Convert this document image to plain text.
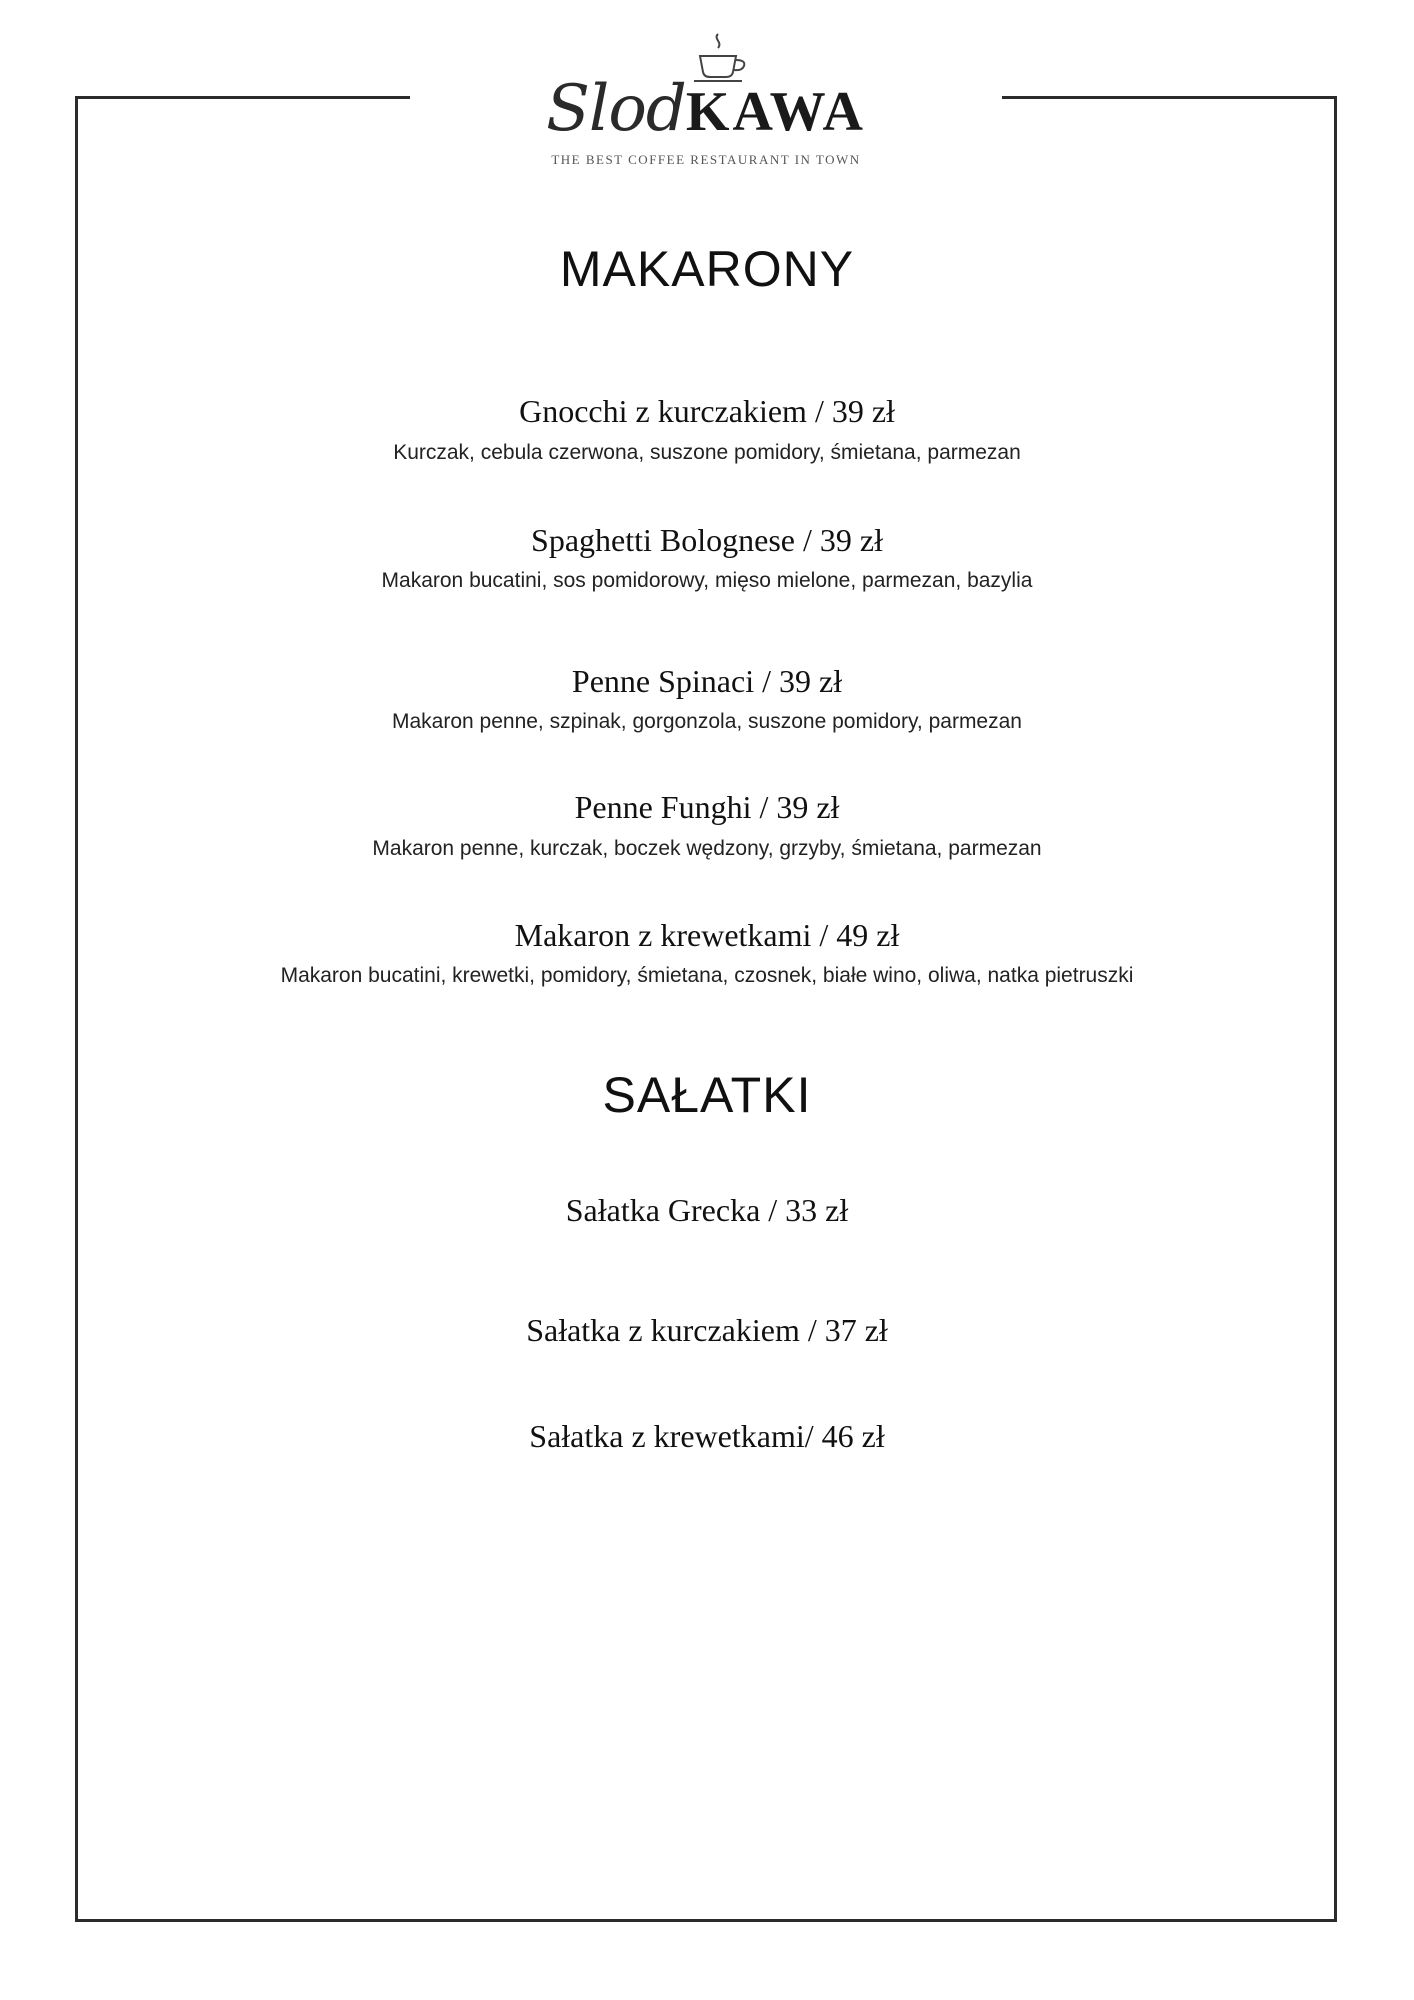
SlodKAWA
THE BEST COFFEE RESTAURANT IN TOWN
MAKARONY
Gnocchi z kurczakiem / 39 zł
Kurczak, cebula czerwona, suszone pomidory, śmietana, parmezan
Spaghetti Bolognese / 39 zł
Makaron bucatini, sos pomidorowy, mięso mielone, parmezan, bazylia
Penne Spinaci / 39 zł
Makaron penne, szpinak, gorgonzola, suszone pomidory, parmezan
Penne Funghi / 39 zł
Makaron penne, kurczak, boczek wędzony, grzyby, śmietana, parmezan
Makaron z krewetkami / 49 zł
Makaron bucatini, krewetki, pomidory, śmietana, czosnek, białe wino, oliwa, natka pietruszki
SAŁATKI
Sałatka Grecka / 33 zł
Sałatka z kurczakiem / 37 zł
Sałatka z krewetkami/ 46 zł
